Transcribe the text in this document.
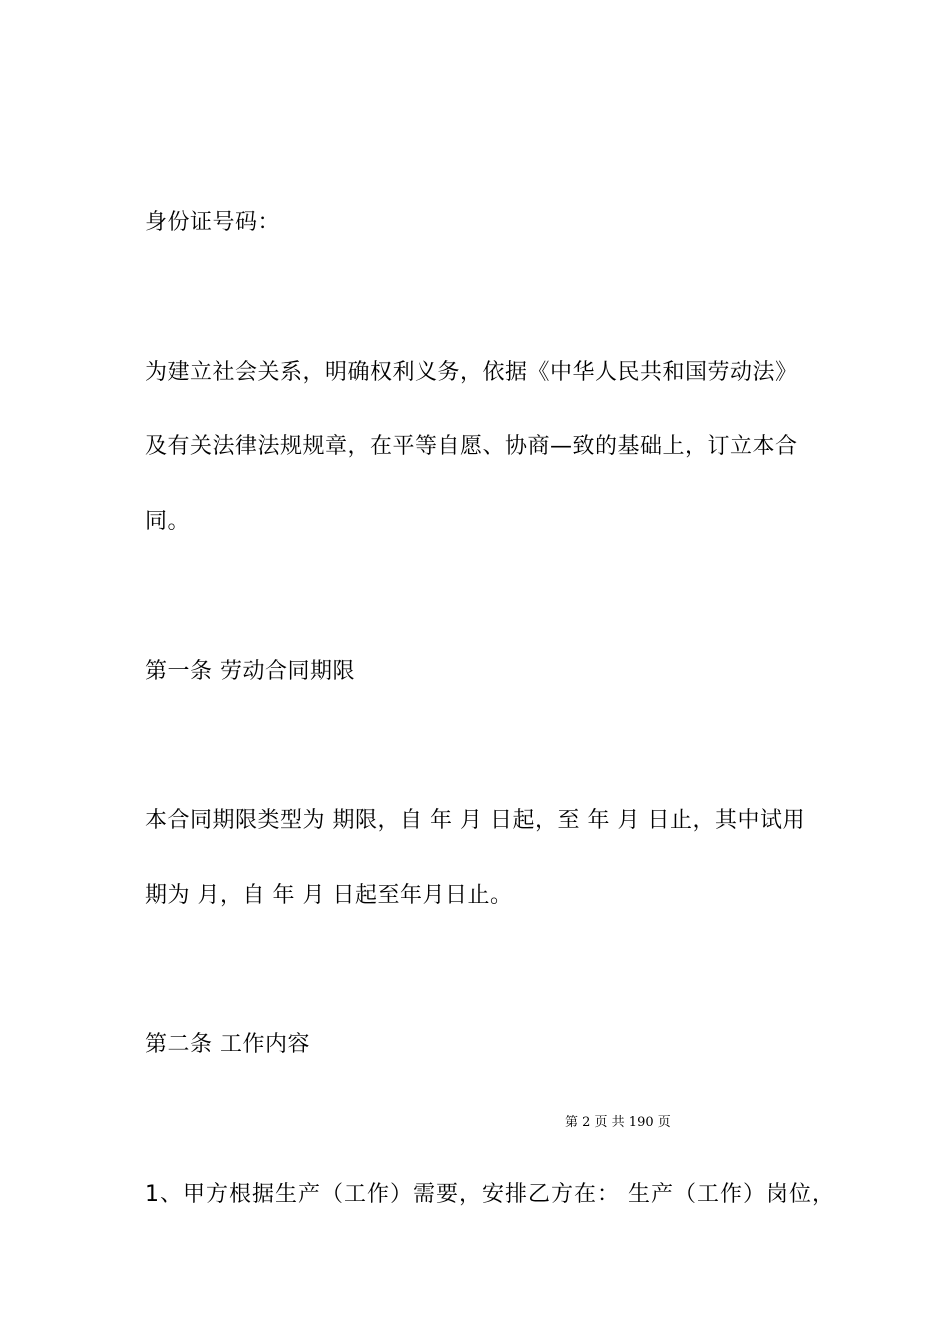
身份证号码：
为建立社会关系，明确权利义务，依据《中华人民共和国劳动法》
及有关法律法规规章，在平等自愿、协商—致的基础上，订立本合
同。
第一条 劳动合同期限
本合同期限类型为 期限，自 年 月 日起，至 年 月 日止，其中试用
期为 月，自 年 月 日起至年月日止。
第二条 工作内容
第 2 页 共 190 页
1、甲方根据生产（工作）需要，安排乙方在： 生产（工作）岗位，
